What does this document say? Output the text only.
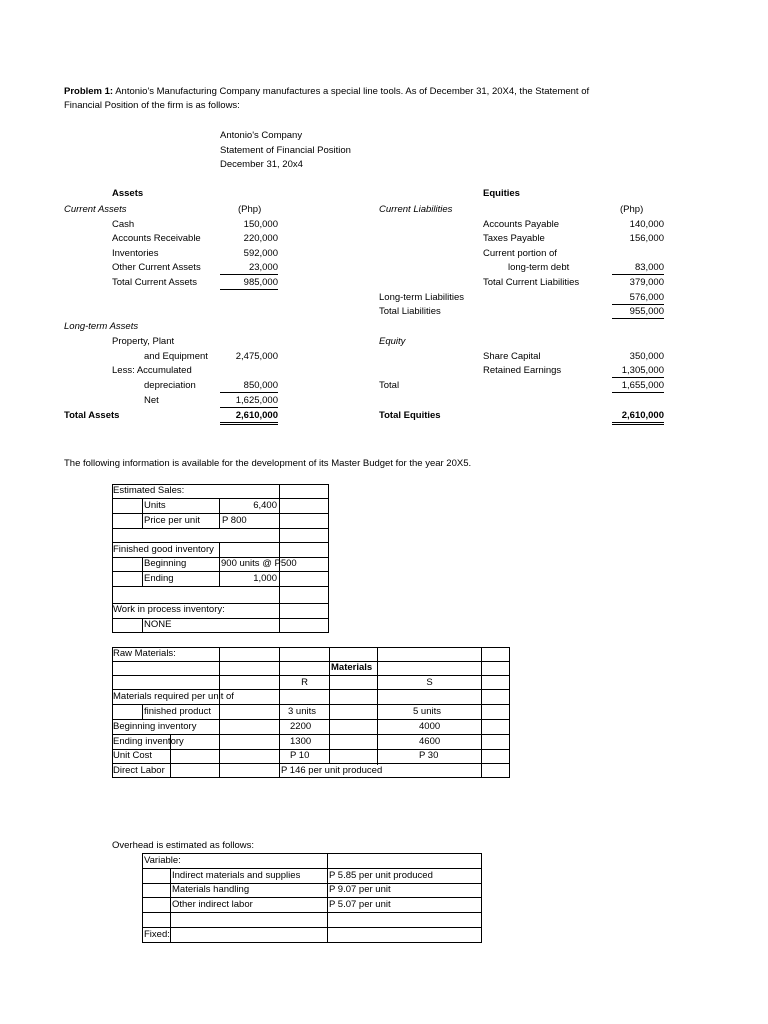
Problem 1: Antonio's Manufacturing Company manufactures a special line tools. As of December 31, 20X4, the Statement of
Financial Position of the firm is as follows:
Antonio's Company
Statement of Financial Position
December 31, 20x4
Assets
Current Assets	(Php)
Cash	150,000
Accounts Receivable	220,000
Inventories	592,000
Other Current Assets	23,000
Total Current Assets	985,000
Long-term Assets
Property, Plant
and Equipment	2,475,000
Less: Accumulated
depreciation	850,000
Net	1,625,000
Total Assets	2,610,000
Equities
Current Liabilities	(Php)
Accounts Payable	140,000
Taxes Payable	156,000
Current portion of
long-term debt	83,000
Total Current Liabilities	379,000
Long-term Liabilities	576,000
Total Liabilities	955,000
Equity
Share Capital	350,000
Retained Earnings	1,305,000
Total	1,655,000
Total Equities	2,610,000
The following information is available for the development of its Master Budget for the year 20X5.
Estimated Sales:
Units	6,400
Price per unit P 800
Finished good inventory
Beginning	900 units @ P500
Ending	1,000
Work in process inventory:
NONE
Raw Materials:
Materials
R	S
Materials required per unit of
finished product	3 units	5 units
Beginning inventory	2200	4000
Ending inventory	1300	4600
Unit Cost	P 10	P 30
Direct Labor	P 146 per unit produced
Overhead is estimated as follows:
Variable:
Indirect materials and supplies	P 5.85 per unit produced
Materials handling	P 9.07 per unit
Other indirect labor	P 5.07 per unit
Fixed:
